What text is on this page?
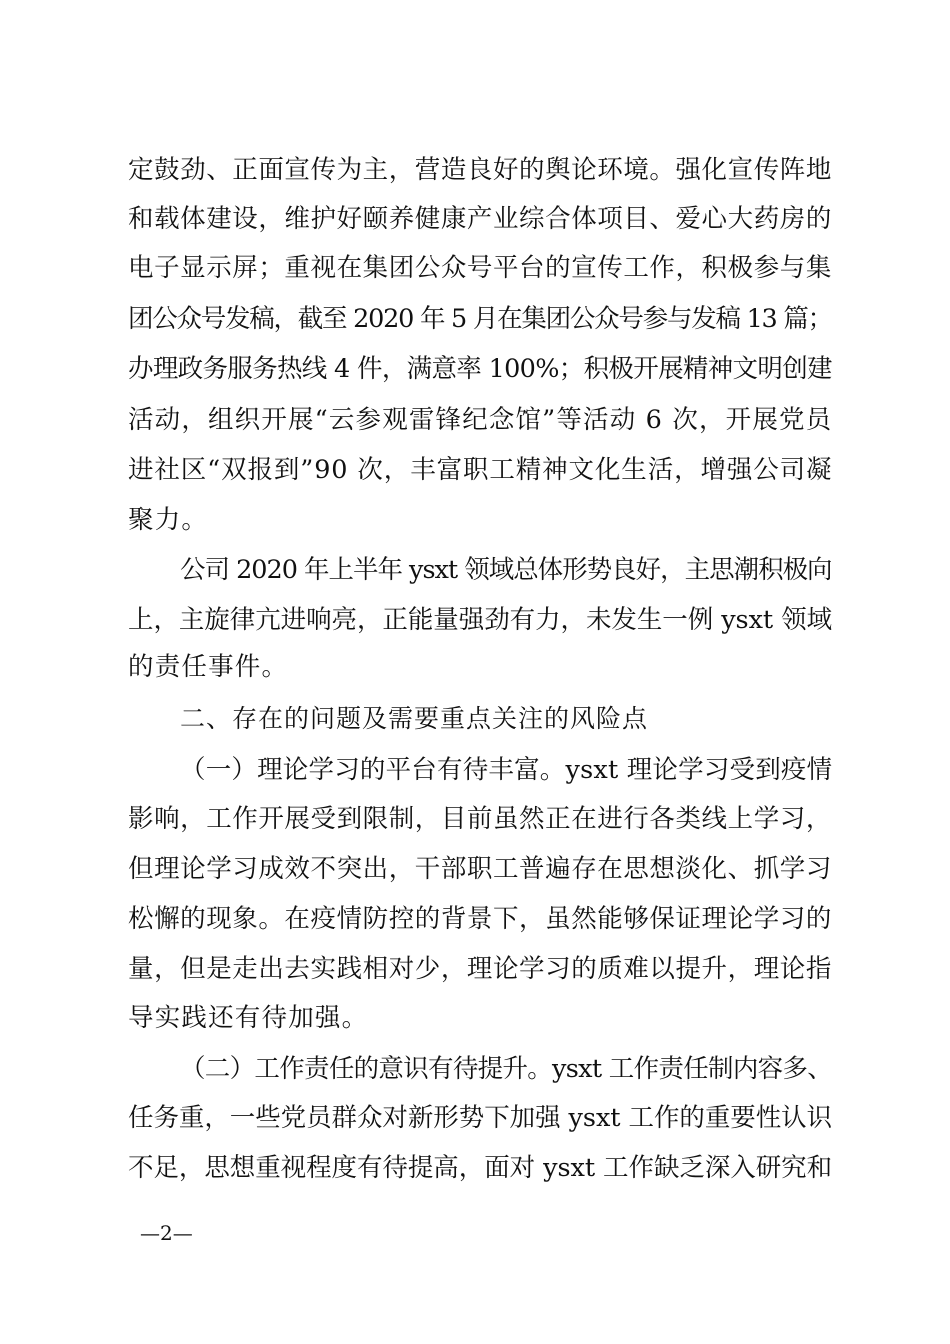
定鼓劲、正面宣传为主，营造良好的舆论环境。强化宣传阵地
和载体建设，维护好颐养健康产业综合体项目、爱心大药房的
电子显示屏；重视在集团公众号平台的宣传工作，积极参与集
团公众号发稿，截至 2020 年 5 月在集团公众号参与发稿 13 篇；
办理政务服务热线 4 件，满意率 100%；积极开展精神文明创建
活动，组织开展“云参观雷锋纪念馆”等活动 6 次，开展党员
进社区“双报到”90 次，丰富职工精神文化生活，增强公司凝
聚力。
公司 2020 年上半年 ysxt 领域总体形势良好，主思潮积极向
上，主旋律亢进响亮，正能量强劲有力，未发生一例 ysxt 领域
的责任事件。
二、存在的问题及需要重点关注的风险点
（一）理论学习的平台有待丰富。ysxt 理论学习受到疫情
影响，工作开展受到限制，目前虽然正在进行各类线上学习，
但理论学习成效不突出，干部职工普遍存在思想淡化、抓学习
松懈的现象。在疫情防控的背景下，虽然能够保证理论学习的
量，但是走出去实践相对少，理论学习的质难以提升，理论指
导实践还有待加强。
（二）工作责任的意识有待提升。ysxt 工作责任制内容多、
任务重，一些党员群众对新形势下加强 ysxt 工作的重要性认识
不足，思想重视程度有待提高，面对 ysxt 工作缺乏深入研究和
—2—
